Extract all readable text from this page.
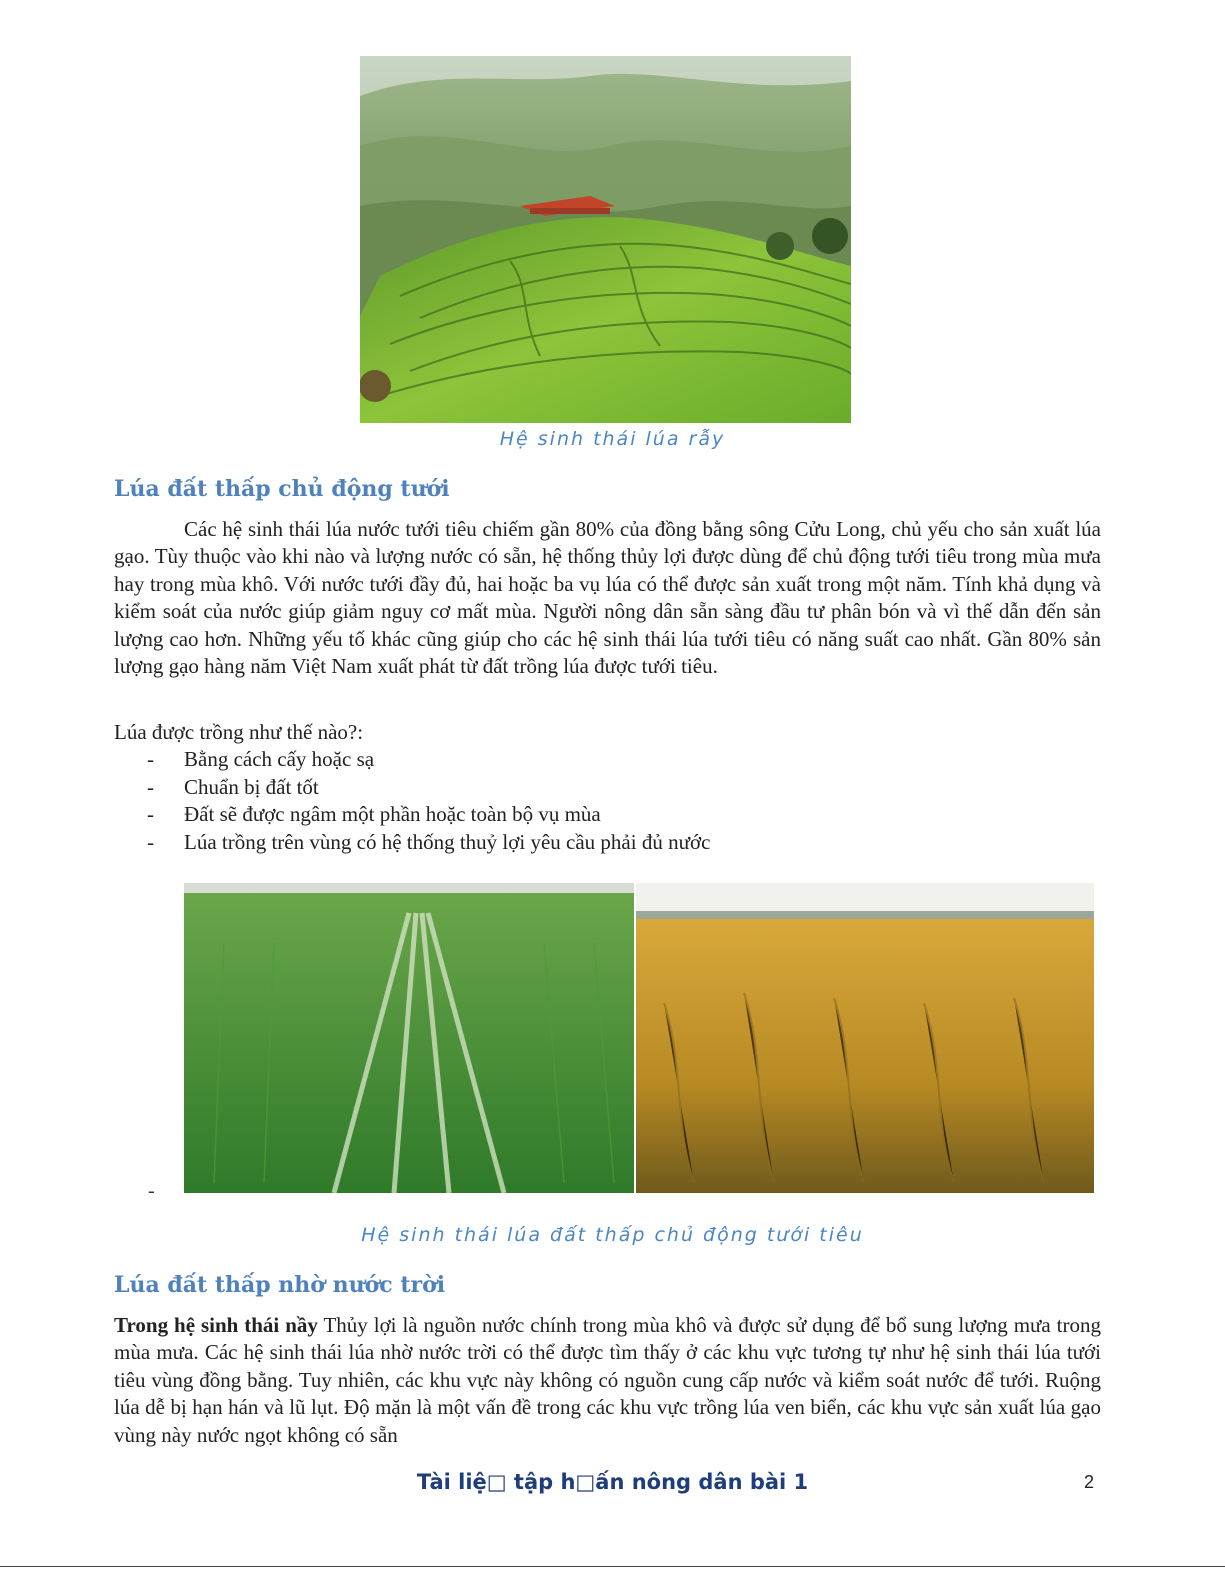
Hệ sinh thái lúa rẫy
Lúa đất thấp chủ động tưới
Các hệ sinh thái lúa nước tưới tiêu chiếm gần 80% của đồng bằng sông Cửu Long, chủ yếu cho sản xuất lúa gạo. Tùy thuộc vào khi nào và lượng nước có sẵn, hệ thống thủy lợi được dùng để chủ động tưới tiêu trong mùa mưa hay trong mùa khô. Với nước tưới đầy đủ, hai hoặc ba vụ lúa có thể được sản xuất trong một năm. Tính khả dụng và kiểm soát của nước giúp giảm nguy cơ mất mùa. Người nông dân sẵn sàng đầu tư phân bón và vì thế dẫn đến sản lượng cao hơn. Những yếu tố khác cũng giúp cho các hệ sinh thái lúa tưới tiêu có năng suất cao nhất. Gần 80% sản lượng gạo hàng năm Việt Nam xuất phát từ đất trồng lúa được tưới tiêu.
Lúa được trồng như thế nào?:
- Bằng cách cấy hoặc sạ
- Chuẩn bị đất tốt
- Đất sẽ được ngâm một phần hoặc toàn bộ vụ mùa
- Lúa trồng trên vùng có hệ thống thuỷ lợi yêu cầu phải đủ nước
-
Hệ sinh thái lúa đất thấp chủ động tưới tiêu
Lúa đất thấp nhờ nước trời
Trong hệ sinh thái nầy Thủy lợi là nguồn nước chính trong mùa khô và được sử dụng để bổ sung lượng mưa trong mùa mưa. Các hệ sinh thái lúa nhờ nước trời có thể được tìm thấy ở các khu vực tương tự như hệ sinh thái lúa tưới tiêu vùng đồng bằng. Tuy nhiên, các khu vực này không có nguồn cung cấp nước và kiểm soát nước để tưới. Ruộng lúa dễ bị hạn hán và lũ lụt. Độ mặn là một vấn đề trong các khu vực trồng lúa ven biển, các khu vực sản xuất lúa gạo vùng này nước ngọt không có sẵn
Tài liệ□ tập h□ấn nông dân bài 1	2
